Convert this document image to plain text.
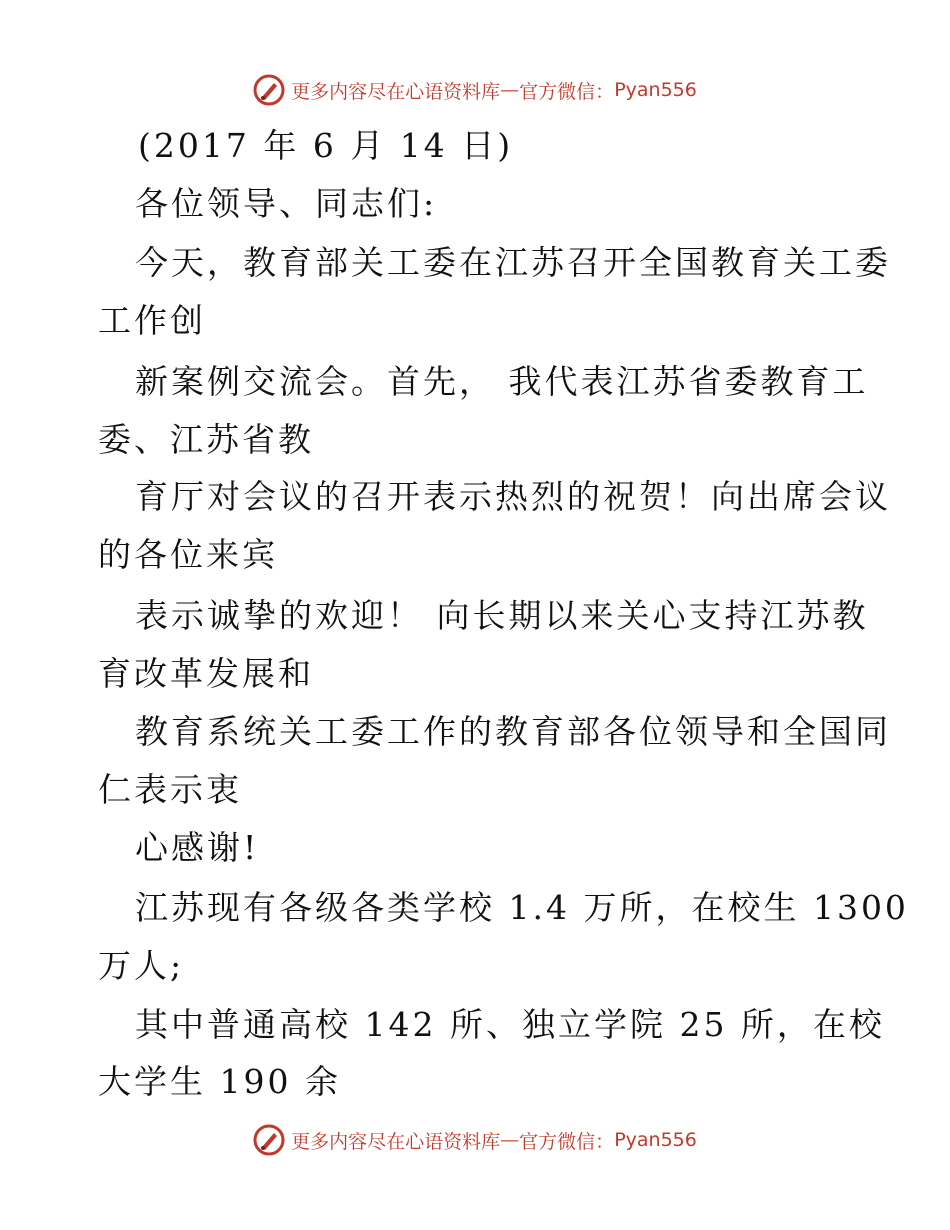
更多内容尽在心语资料库 — 官方微信： Pyan556
(2017 年 6 月 14 日)
各位领导、同志们:
今天，教育部关工委在江苏召开全国教育关工委
工作创
新案例交流会。首先， 我代表江苏省委教育工
委、江苏省教
育厅对会议的召开表示热烈的祝贺！向出席会议
的各位来宾
表示诚挚的欢迎！ 向长期以来关心支持江苏教
育改革发展和
教育系统关工委工作的教育部各位领导和全国同
仁表示衷
心感谢!
江苏现有各级各类学校 1.4 万所，在校生 1300
万人;
其中普通高校 142 所、独立学院 25 所，在校
大学生 190 余
更多内容尽在心语资料库 — 官方微信： Pyan556
